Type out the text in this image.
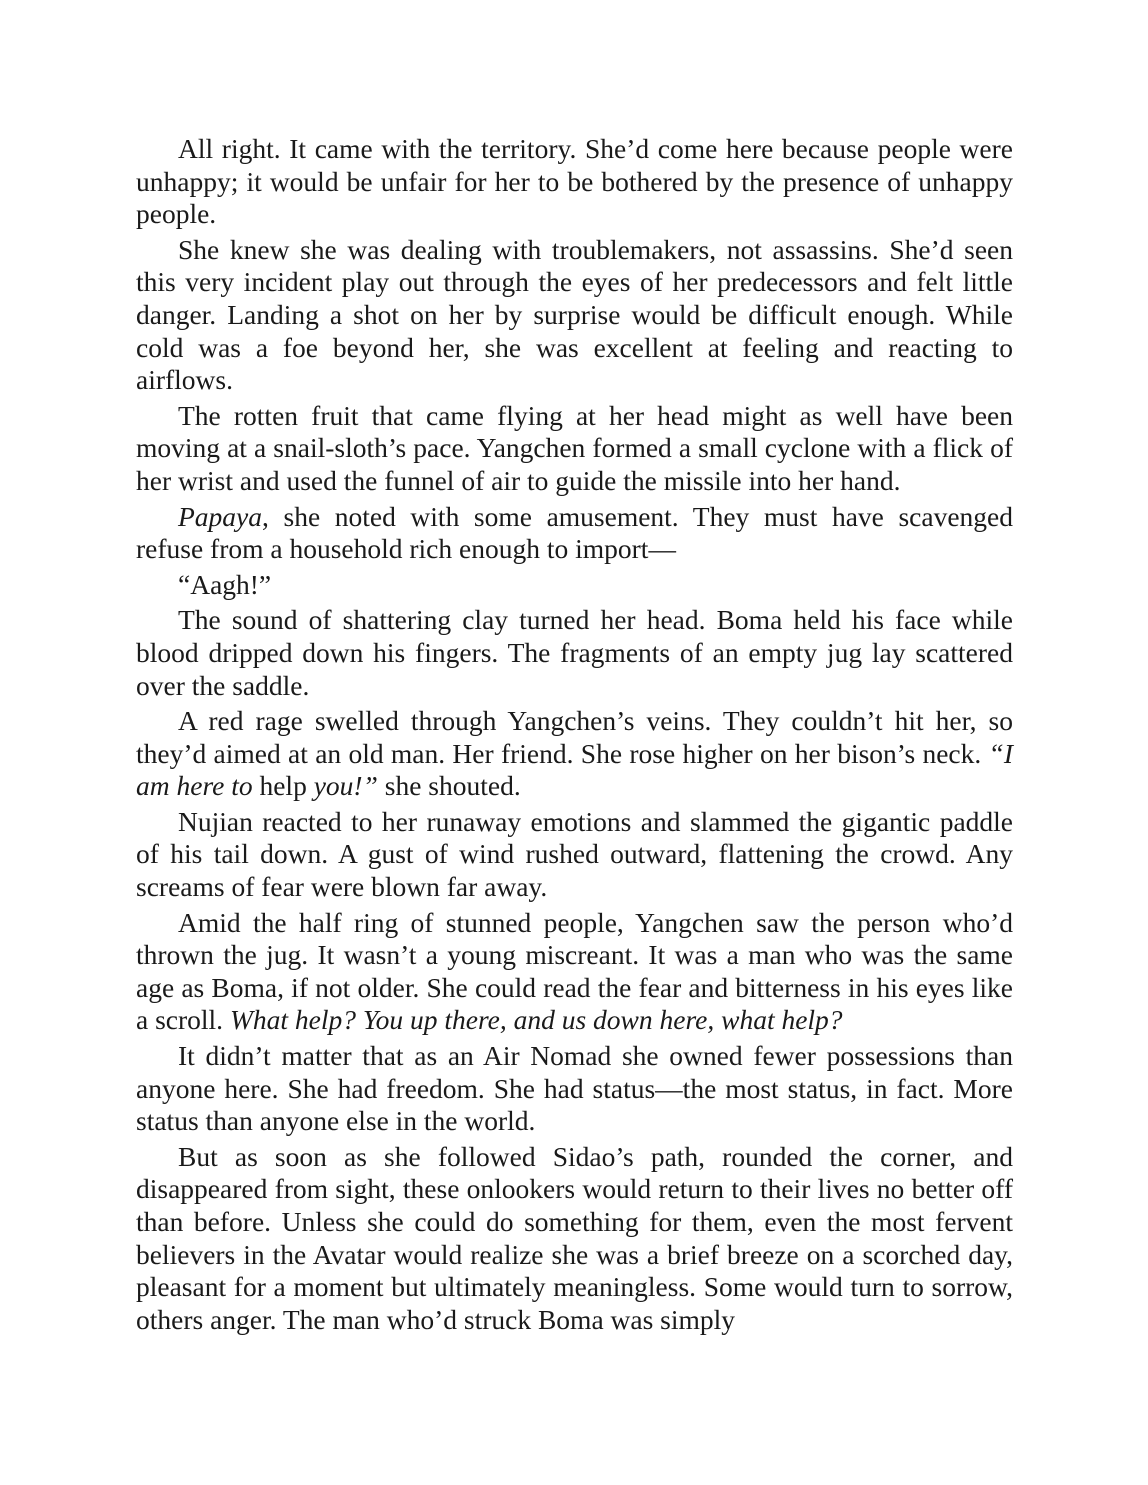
All right. It came with the territory. She’d come here because people were unhappy; it would be unfair for her to be bothered by the presence of unhappy people.

She knew she was dealing with troublemakers, not assassins. She’d seen this very incident play out through the eyes of her predecessors and felt little danger. Landing a shot on her by surprise would be difficult enough. While cold was a foe beyond her, she was excellent at feeling and reacting to airflows.

The rotten fruit that came flying at her head might as well have been moving at a snail-sloth’s pace. Yangchen formed a small cyclone with a flick of her wrist and used the funnel of air to guide the missile into her hand.

Papaya, she noted with some amusement. They must have scavenged refuse from a household rich enough to import—

“Aagh!”

The sound of shattering clay turned her head. Boma held his face while blood dripped down his fingers. The fragments of an empty jug lay scattered over the saddle.

A red rage swelled through Yangchen’s veins. They couldn’t hit her, so they’d aimed at an old man. Her friend. She rose higher on her bison’s neck. “I am here to help you!” she shouted.

Nujian reacted to her runaway emotions and slammed the gigantic paddle of his tail down. A gust of wind rushed outward, flattening the crowd. Any screams of fear were blown far away.

Amid the half ring of stunned people, Yangchen saw the person who’d thrown the jug. It wasn’t a young miscreant. It was a man who was the same age as Boma, if not older. She could read the fear and bitterness in his eyes like a scroll. What help? You up there, and us down here, what help?

It didn’t matter that as an Air Nomad she owned fewer possessions than anyone here. She had freedom. She had status—the most status, in fact. More status than anyone else in the world.

But as soon as she followed Sidao’s path, rounded the corner, and disappeared from sight, these onlookers would return to their lives no better off than before. Unless she could do something for them, even the most fervent believers in the Avatar would realize she was a brief breeze on a scorched day, pleasant for a moment but ultimately meaningless. Some would turn to sorrow, others anger. The man who’d struck Boma was simply
